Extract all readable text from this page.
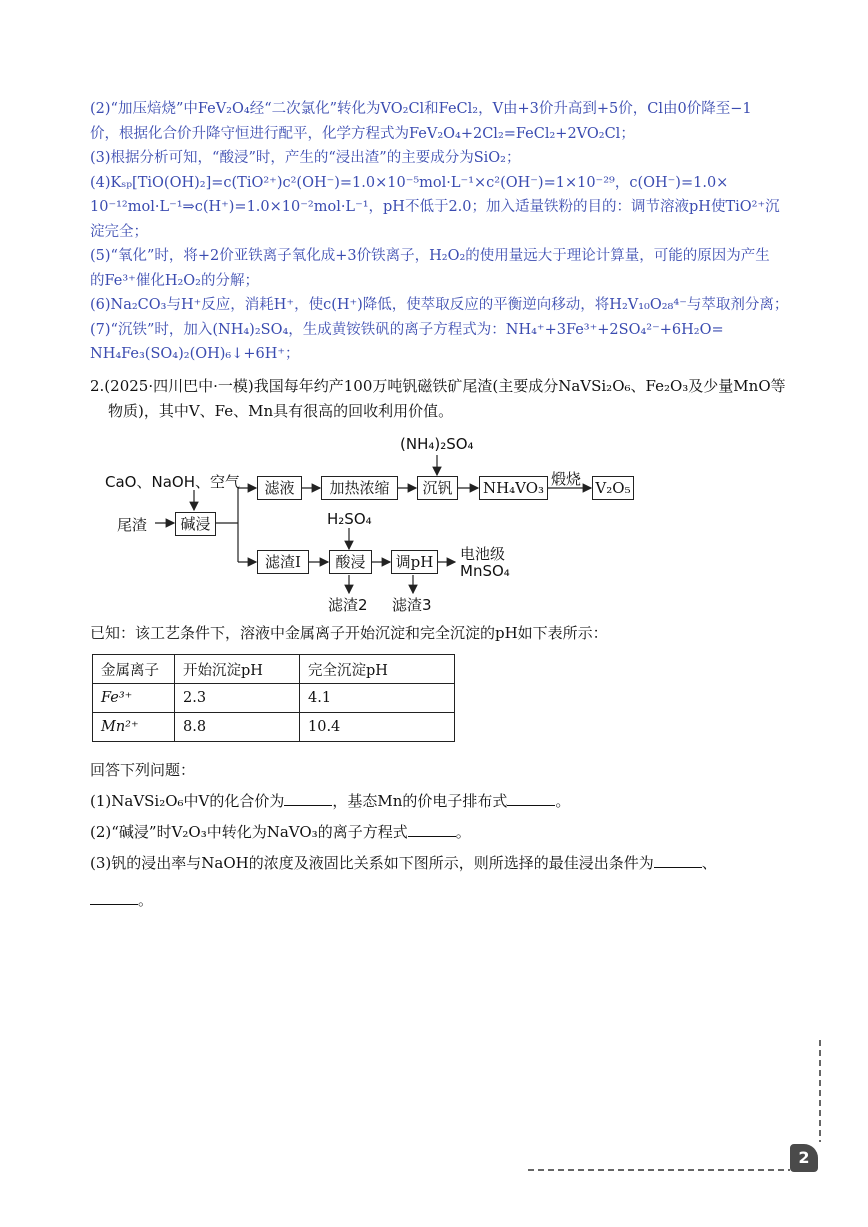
(2)“加压焙烧”中FeV₂O₄经“二次氯化”转化为VO₂Cl和FeCl₂，V由+3价升高到+5价，Cl由0价降至−1

价，根据化合价升降守恒进行配平，化学方程式为FeV₂O₄+2Cl₂=FeCl₂+2VO₂Cl；

(3)根据分析可知，“酸浸”时，产生的“浸出渣”的主要成分为SiO₂；

(4)Kₛₚ[TiO(OH)₂]=c(TiO²⁺)c²(OH⁻)=1.0×10⁻⁵mol·L⁻¹×c²(OH⁻)=1×10⁻²⁹，c(OH⁻)=1.0×

10⁻¹²mol·L⁻¹⇒c(H⁺)=1.0×10⁻²mol·L⁻¹，pH不低于2.0；加入适量铁粉的目的：调节溶液pH使TiO²⁺沉

淀完全；

(5)“氧化”时，将+2价亚铁离子氧化成+3价铁离子，H₂O₂的使用量远大于理论计算量，可能的原因为产生

的Fe³⁺催化H₂O₂的分解；

(6)Na₂CO₃与H⁺反应，消耗H⁺，使c(H⁺)降低，使萃取反应的平衡逆向移动，将H₂V₁₀O₂₈⁴⁻与萃取剂分离；

(7)“沉铁”时，加入(NH₄)₂SO₄，生成黄铵铁矾的离子方程式为：NH₄⁺+3Fe³⁺+2SO₄²⁻+6H₂O=

NH₄Fe₃(SO₄)₂(OH)₆↓+6H⁺；

2.(2025·四川巴中·一模)我国每年约产100万吨钒磁铁矿尾渣(主要成分NaVSi₂O₆、Fe₂O₃及少量MnO等

物质)，其中V、Fe、Mn具有很高的回收利用价值。

(NH₄)₂SO₄
CaO、NaOH、空气	煅烧
尾渣	碱浸
滤液	加热浓缩	沉钒	NH₄VO₃	V₂O₅
H₂SO₄
滤渣I	酸浸	调pH	电池级
MnSO₄
滤渣2 滤渣3

已知：该工艺条件下，溶液中金属离子开始沉淀和完全沉淀的pH如下表所示：

金属离子	开始沉淀pH	完全沉淀pH
Fe³⁺	2.3	4.1
Mn²⁺	8.8	10.4

回答下列问题：

(1)NaVSi₂O₆中V的化合价为	，基态Mn的价电子排布式	。

(2)“碱浸”时V₂O₃中转化为NaVO₃的离子方程式	。

(3)钒的浸出率与NaOH的浓度及液固比关系如下图所示，则所选择的最佳浸出条件为	、

。

2
